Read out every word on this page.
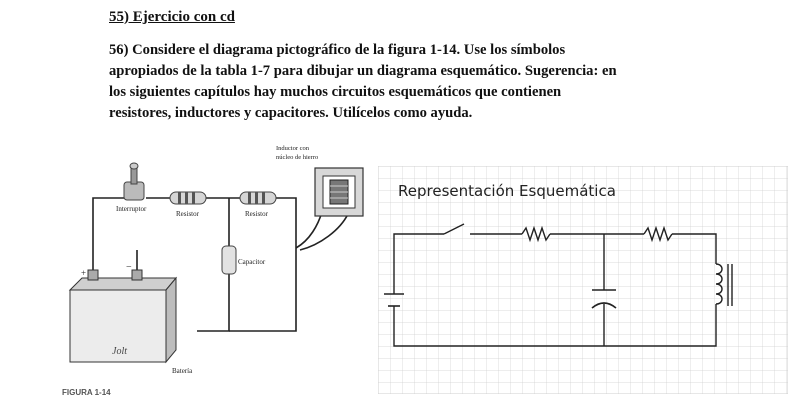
55) Ejercicio con cd
56) Considere el diagrama pictográfico de la figura 1-14. Use los símbolos
apropiados de la tabla 1-7 para dibujar un diagrama esquemático. Sugerencia: en
los siguientes capítulos hay muchos circuitos esquemáticos que contienen
resistores, inductores y capacitores. Utilícelos como ayuda.
Interruptor
Resistor	Resistor
Capacitor
Inductor con
núcleo de hierro
+	−
Jolt
Batería
FIGURA 1-14
Representación Esquemática
